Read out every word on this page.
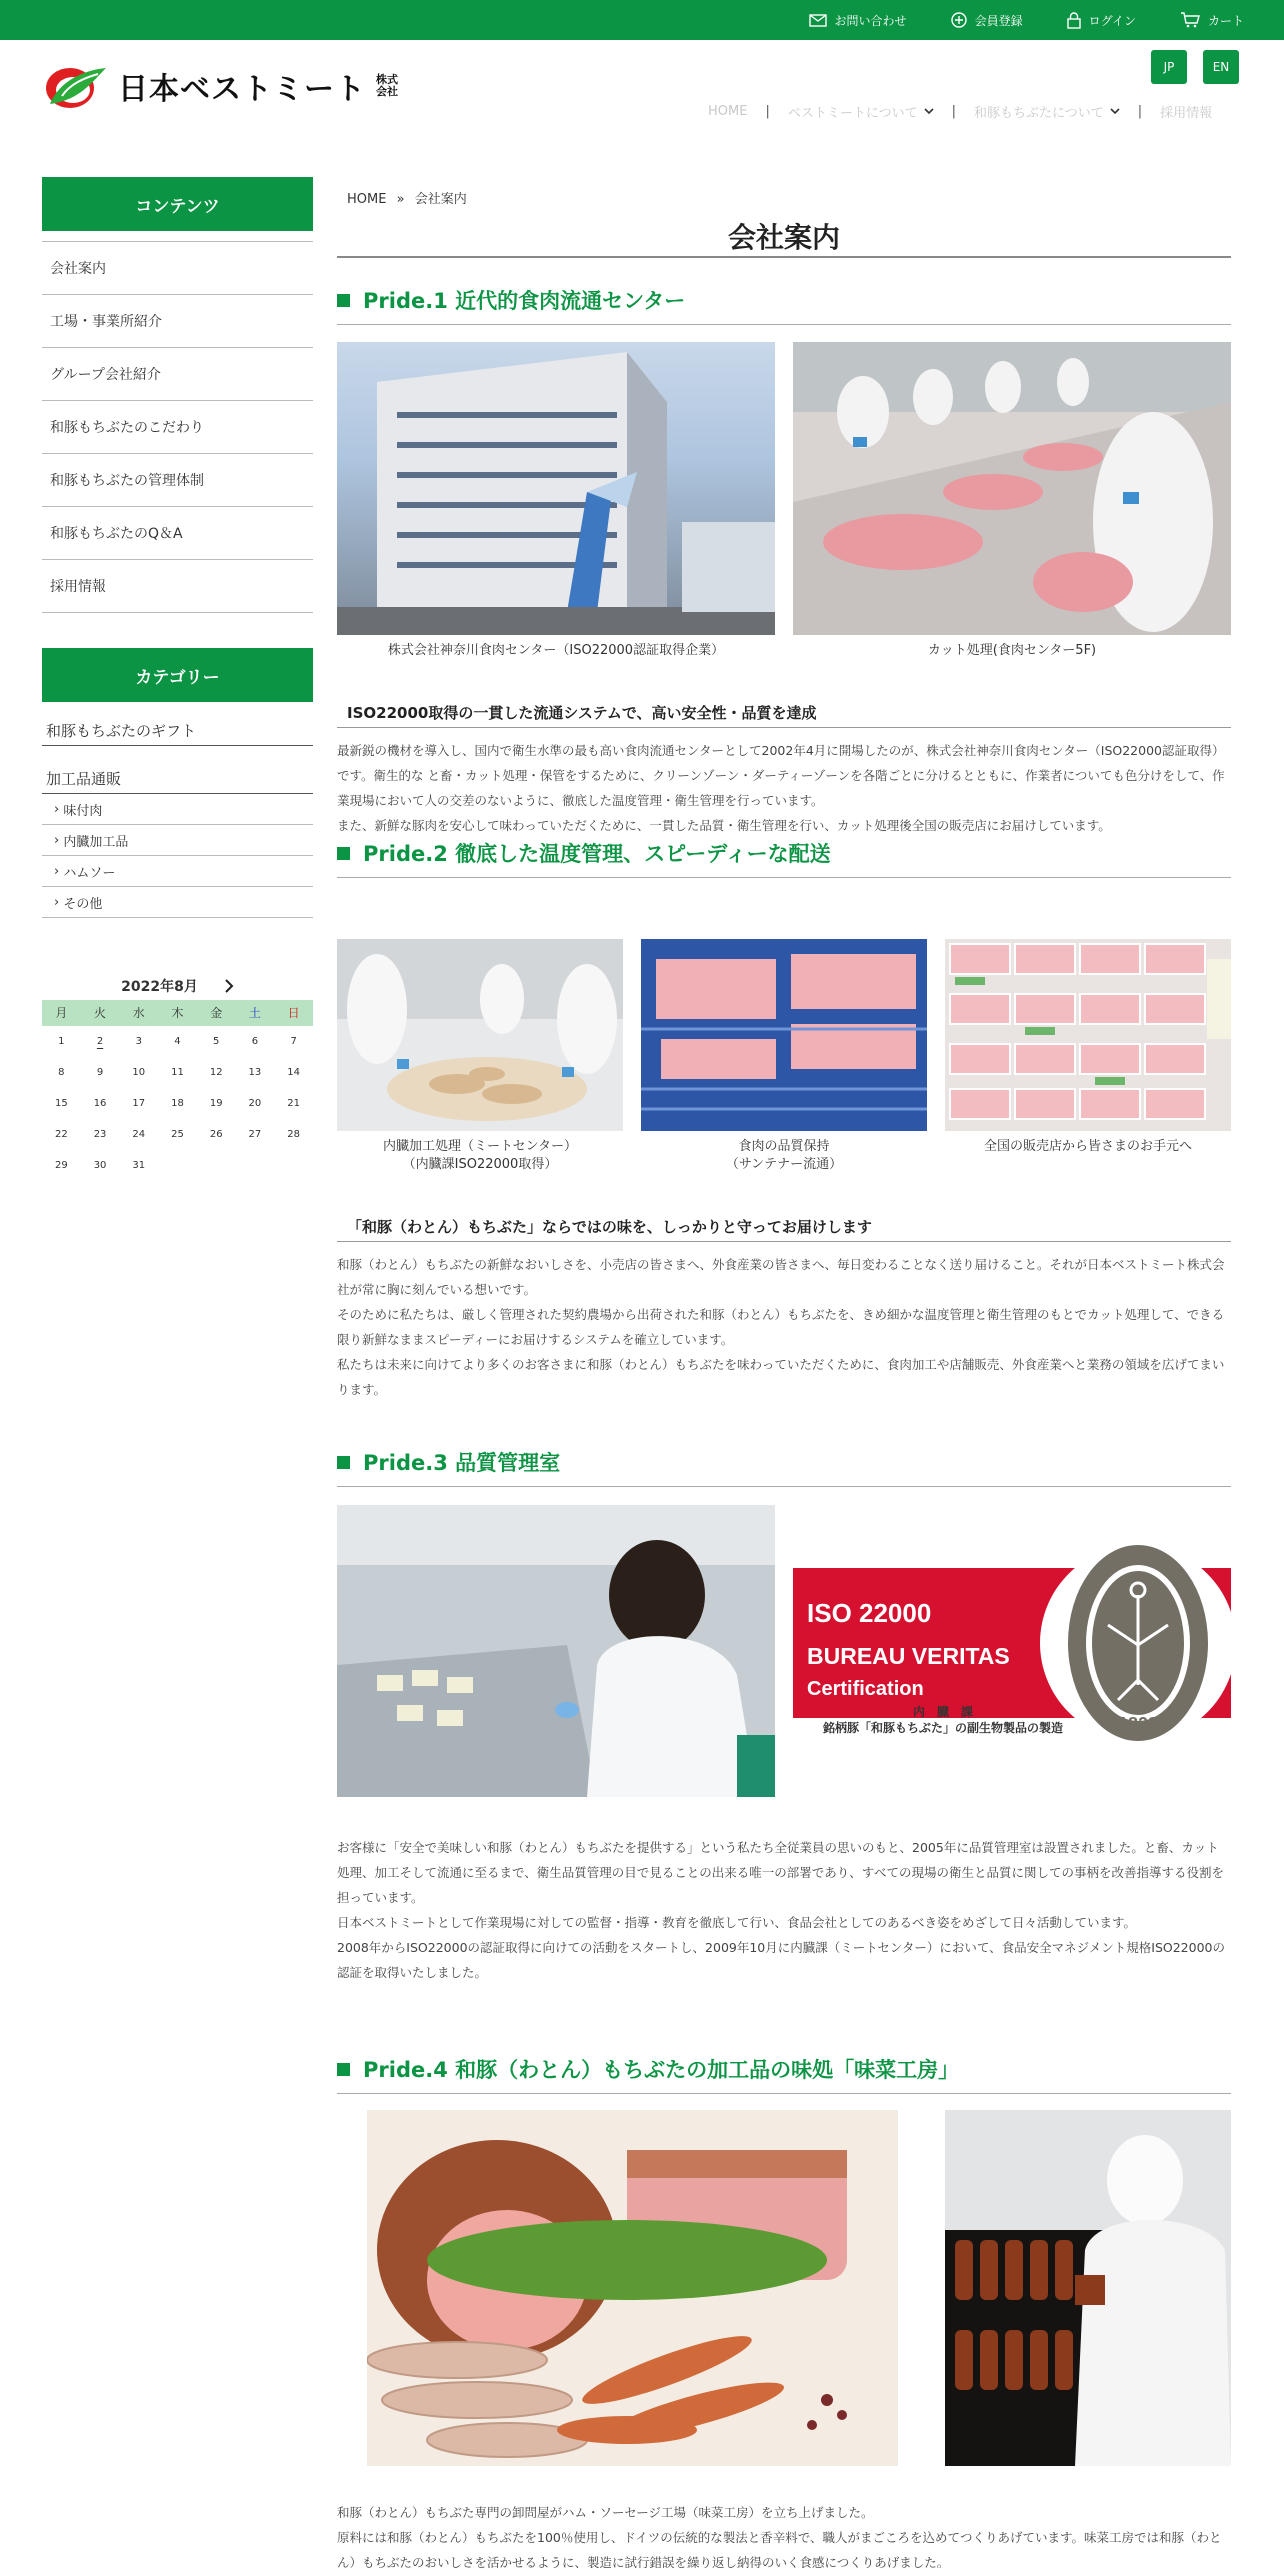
お問い合わせ	会員登録	ログイン	カート
日本ベストミート 株式
会社
JP	EN
HOME | ベストミートについて	| 和豚もちぶたについて	| 採用情報
コンテンツ
会社案内
工場・事業所紹介
グループ会社紹介
和豚もちぶたのこだわり
和豚もちぶたの管理体制
和豚もちぶたのQ＆A
採用情報
カテゴリー
和豚もちぶたのギフト
加工品通販
› 味付肉
› 内臓加工品
› ハムソー
› その他
2022年8月
月	火	水	木	金	土	日
1	2	3	4	5	6	7
8	9	10	11	12	13	14
15	16	17	18	19	20	21
22	23	24	25	26	27	28
29	30	31
HOME » 会社案内
会社案内
Pride.1 近代的食肉流通センター
株式会社神奈川食肉センター（ISO22000認証取得企業）	カット処理(食肉センター5F)
ISO22000取得の一貫した流通システムで、高い安全性・品質を達成

最新鋭の機材を導入し、国内で衛生水準の最も高い食肉流通センターとして2002年4月に開場したのが、株式会社神奈川食肉センター（ISO22000認証取得）です。衛生的な と畜・カット処理・保管をするために、クリーンゾーン・ダーティーゾーンを各階ごとに分けるとともに、作業者についても色分けをして、作業現場において人の交差のないように、徹底した温度管理・衛生管理を行っています。

また、新鮮な豚肉を安心して味わっていただくために、一貫した品質・衛生管理を行い、カット処理後全国の販売店にお届けしています。

Pride.2 徹底した温度管理、スピーディーな配送
内臓加工処理（ミートセンター）
（内臓課ISO22000取得）
食肉の品質保持
（サンテナー流通）
全国の販売店から皆さまのお手元へ
「和豚（わとん）もちぶた」ならではの味を、しっかりと守ってお届けします

和豚（わとん）もちぶたの新鮮なおいしさを、小売店の皆さまへ、外食産業の皆さまへ、毎日変わることなく送り届けること。それが日本ベストミート株式会社が常に胸に刻んでいる想いです。

そのために私たちは、厳しく管理された契約農場から出荷された和豚（わとん）もちぶたを、きめ細かな温度管理と衛生管理のもとでカット処理して、できる限り新鮮なままスピーディーにお届けするシステムを確立しています。

私たちは未来に向けてより多くのお客さまに和豚（わとん）もちぶたを味わっていただくために、食肉加工や店舗販売、外食産業へと業務の領域を広げてまいります。

Pride.3 品質管理室
ISO 22000
BUREAU VERITAS
Certification
1828
内　臓　課
銘柄豚「和豚もちぶた」の副生物製品の製造

お客様に「安全で美味しい和豚（わとん）もちぶたを提供する」という私たち全従業員の思いのもと、2005年に品質管理室は設置されました。と畜、カット処理、加工そして流通に至るまで、衛生品質管理の目で見ることの出来る唯一の部署であり、すべての現場の衛生と品質に関しての事柄を改善指導する役割を担っています。

日本ベストミートとして作業現場に対しての監督・指導・教育を徹底して行い、食品会社としてのあるべき姿をめざして日々活動しています。

2008年からISO22000の認証取得に向けての活動をスタートし、2009年10月に内臓課（ミートセンター）において、食品安全マネジメント規格ISO22000の認証を取得いたしました。

Pride.4 和豚（わとん）もちぶたの加工品の味処「味菜工房」

和豚（わとん）もちぶた専門の卸問屋がハム・ソーセージ工場（味菜工房）を立ち上げました。

原料には和豚（わとん）もちぶたを100％使用し、ドイツの伝統的な製法と香辛料で、職人がまごころを込めてつくりあげています。味菜工房では和豚（わとん）もちぶたのおいしさを活かせるように、製造に試行錯誤を繰り返し納得のいく食感につくりあげました。
